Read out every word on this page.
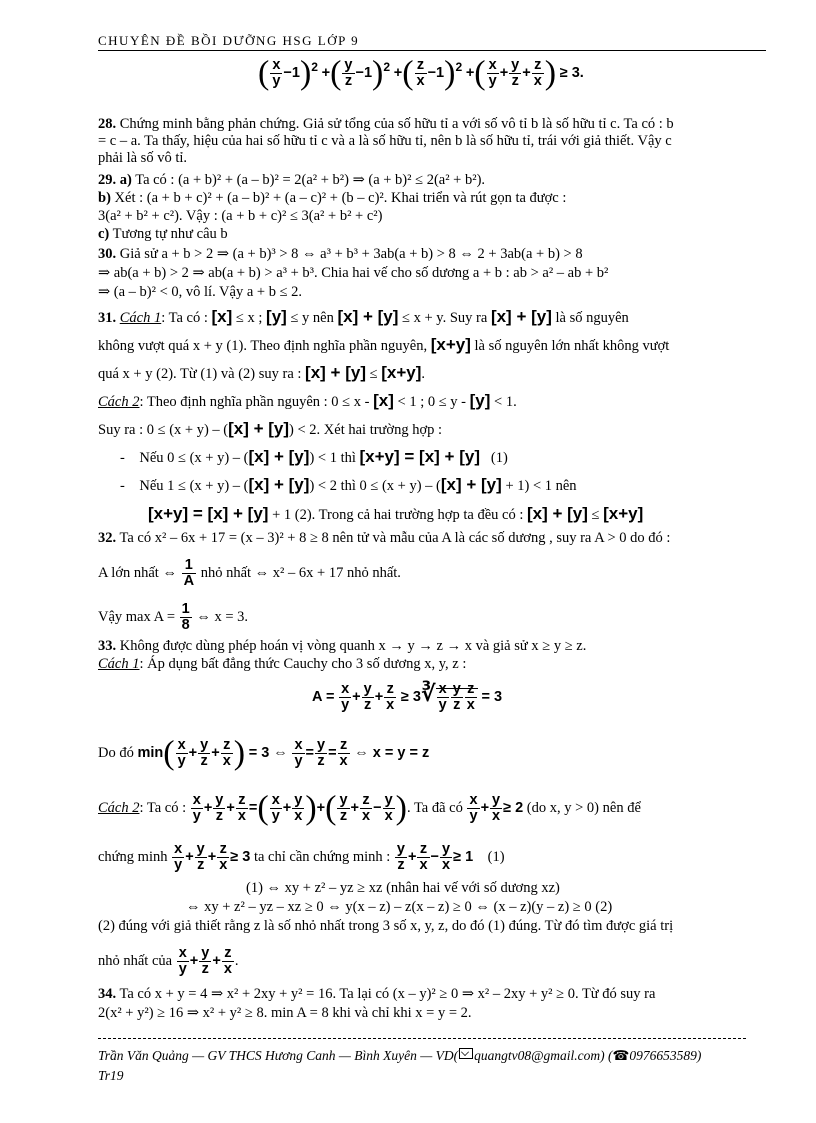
CHUYÊN ĐỀ BỒI DƯỠNG HSG LỚP 9
( $\frac{x}{y} -1)^2$ +( $\frac{y}{z} -1)^2$ +( $\frac{z}{x} -1)^2$ +( $\frac{x}{y} + \frac{y}{z} + \frac{z}{x}$ ) ≥ 3.
28. Chứng minh bằng phản chứng. Giả sử tổng của số hữu tỉ a với số vô tỉ b là số hữu tỉ c. Ta có : b
= c – a. Ta thấy, hiệu của hai số hữu tỉ c và a là số hữu tỉ, nên b là số hữu tỉ, trái với giả thiết. Vậy c
phải là số vô tỉ.
29. a) Ta có : (a + b)² + (a – b)² = 2(a² + b²) ⇒ (a + b)² ≤ 2(a² + b²).
b) Xét : (a + b + c)² + (a – b)² + (a – c)² + (b – c)². Khai triển và rút gọn ta được :
3(a² + b² + c²). Vậy : (a + b + c)² ≤ 3(a² + b² + c²)
c) Tương tự như câu b
30. Giả sử a + b > 2 ⇒ (a + b)³ > 8 ⇔ a³ + b³ + 3ab(a + b) > 8 ⇔ 2 + 3ab(a + b) > 8
⇒ ab(a + b) > 2 ⇒ ab(a + b) > a³ + b³. Chia hai vế cho số dương a + b : ab > a² – ab + b²
⇒ (a – b)² < 0, vô lí. Vậy a + b ≤ 2.
31. Cách 1: Ta có : [x] ≤ x ; [y] ≤ y nên [x] + [y] ≤ x + y. Suy ra [x] + [y] là số nguyên
không vượt quá x + y (1). Theo định nghĩa phần nguyên, [x+y] là số nguyên lớn nhất không vượt
quá x + y (2). Từ (1) và (2) suy ra : [x] + [y] ≤ [x+y].
Cách 2: Theo định nghĩa phần nguyên : 0 ≤ x - [x] < 1 ; 0 ≤ y - [y] < 1.
Suy ra : 0 ≤ (x + y) – ([x] + [y]) < 2. Xét hai trường hợp :
-    Nếu 0 ≤ (x + y) – ([x] + [y]) < 1 thì [x+y] = [x] + [y] (1)
-    Nếu 1 ≤ (x + y) – ([x] + [y]) < 2 thì 0 ≤ (x + y) – ([x] + [y] + 1) < 1 nên
[x+y] = [x] + [y] + 1 (2). Trong cả hai trường hợp ta đều có : [x] + [y] ≤ [x+y]
32. Ta có x² – 6x + 17 = (x – 3)² + 8 ≥ 8 nên tử và mẫu của A là các số dương , suy ra A > 0 do đó :
A lớn nhất ⇔ $\frac{1}{A}$ nhỏ nhất ⇔ x² – 6x + 17 nhỏ nhất.
Vậy $\max A = \frac{1}{8}$ ⇔ x = 3.
33. Không được dùng phép hoán vị vòng quanh x → y → z → x và giả sử x ≥ y ≥ z.
Cách 1: Áp dụng bất đẳng thức Cauchy cho 3 số dương x, y, z :
$A = \frac{x}{y} + \frac{y}{z} + \frac{z}{x}$ ≥ 3∛ $\frac{x}{y} \frac{y}{z} \frac{z}{x} = 3$
Do đó $\min( \frac{x}{y} + \frac{y}{z} + \frac{z}{x}$ ) = 3 ⇔ $\frac{x}{y} = \frac{y}{z} = \frac{z}{x}$ ⇔ x = y = z
Cách 2: Ta có : $\frac{x}{y} + \frac{y}{z} + \frac{z}{x}$ =( $\frac{x}{y} + \frac{y}{x}$ )+( $\frac{y}{z} + \frac{z}{x} - \frac{y}{x}$ ). Ta đã có $\frac{x}{y} + \frac{y}{x} \ge 2$ (do x, y > 0) nên để
chứng minh $\frac{x}{y} + \frac{y}{z} + \frac{z}{x} \ge 3$ ta chỉ cần chứng minh : $\frac{y}{z} + \frac{z}{x} - \frac{y}{x} \ge 1$ (1)
(1) ⇔ xy + z² – yz ≥ xz (nhân hai vế với số dương xz)
⇔ xy + z² – yz – xz ≥ 0 ⇔ y(x – z) – z(x – z) ≥ 0 ⇔ (x – z)(y – z) ≥ 0 (2)
(2) đúng với giả thiết rằng z là số nhỏ nhất trong 3 số x, y, z, do đó (1) đúng. Từ đó tìm được giá trị
nhỏ nhất của $\frac{x}{y} + \frac{y}{z} + \frac{z}{x}$ .
34. Ta có x + y = 4 ⇒ x² + 2xy + y² = 16. Ta lại có (x – y)² ≥ 0 ⇒ x² – 2xy + y² ≥ 0. Từ đó suy ra
2(x² + y²) ≥ 16 ⇒ x² + y² ≥ 8. min A = 8 khi và chỉ khi x = y = 2.
Trần Văn Quảng — GV THCS Hương Canh — Bình Xuyên — VD( quangtv08@gmail.com) (☎0976653589)
Tr19
